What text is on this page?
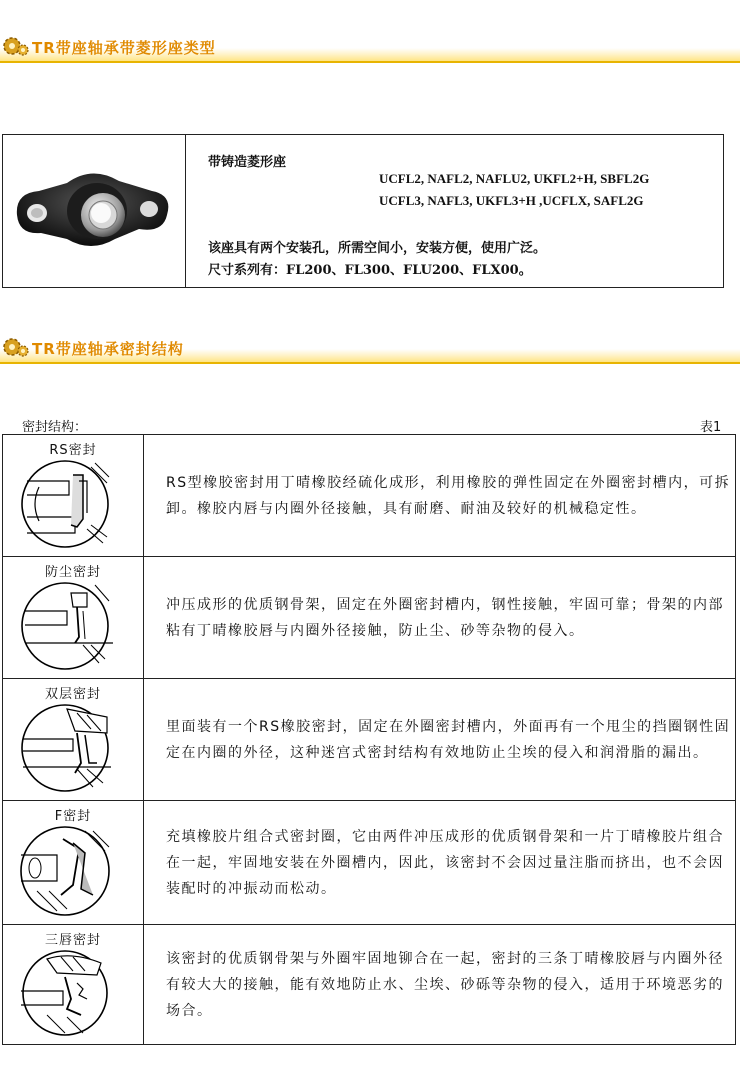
TR带座轴承带菱形座类型
带铸造菱形座
UCFL2, NAFL2, NAFLU2, UKFL2+H, SBFL2G
UCFL3, NAFL3, UKFL3+H ,UCFLX, SAFL2G
该座具有两个安装孔，所需空间小，安装方便，使用广泛。
尺寸系列有：FL200、FL300、FLU200、FLX00。
TR带座轴承密封结构
密封结构：	表1
RS密封	RS型橡胶密封用丁晴橡胶经硫化成形，利用橡胶的弹性固定在外圈密封槽内，可拆卸。橡胶内唇与内圈外径接触，具有耐磨、耐油及较好的机械稳定性。

防尘密封	冲压成形的优质钢骨架，固定在外圈密封槽内，钢性接触，牢固可靠；骨架的内部粘有丁晴橡胶唇与内圈外径接触，防止尘、砂等杂物的侵入。

双层密封	里面装有一个RS橡胶密封，固定在外圈密封槽内，外面再有一个甩尘的挡圈钢性固定在内圈的外径，这种迷宫式密封结构有效地防止尘埃的侵入和润滑脂的漏出。

F密封	充填橡胶片组合式密封圈，它由两件冲压成形的优质钢骨架和一片丁晴橡胶片组合在一起，牢固地安装在外圈槽内，因此，该密封不会因过量注脂而挤出，也不会因装配时的冲振动而松动。

三唇密封	该密封的优质钢骨架与外圈牢固地铆合在一起，密封的三条丁晴橡胶唇与内圈外径有较大大的接触，能有效地防止水、尘埃、砂砾等杂物的侵入，适用于环境恶劣的场合。
